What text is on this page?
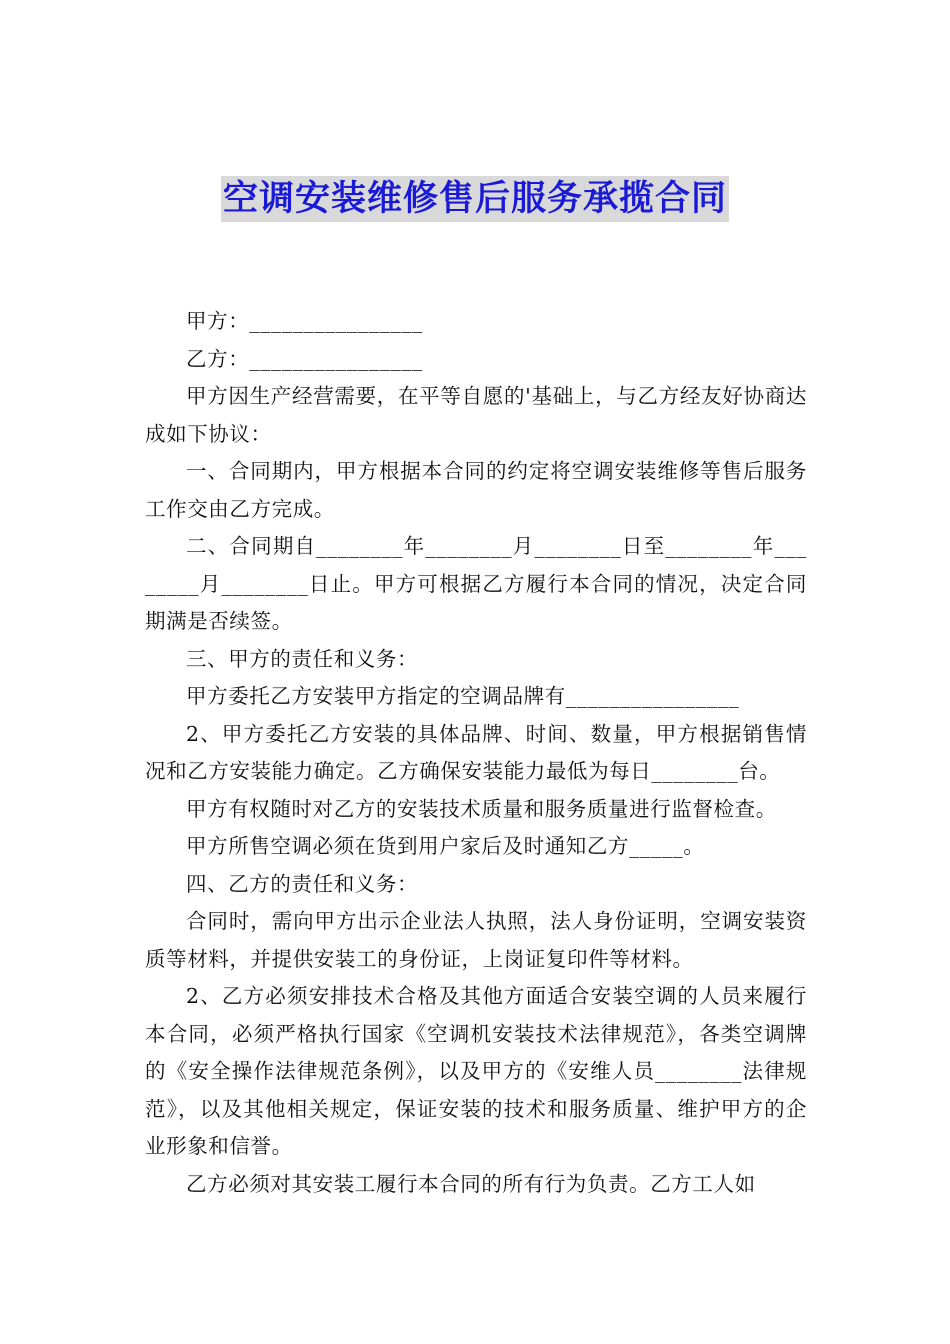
空调安装维修售后服务承揽合同

甲方：________________

乙方：________________

甲方因生产经营需要，在平等自愿的'基础上，与乙方经友好协商达成如下协议：

一、合同期内，甲方根据本合同的约定将空调安装维修等售后服务工作交由乙方完成。

二、合同期自________年________月________日至________年________月________日止。甲方可根据乙方履行本合同的情况，决定合同期满是否续签。

三、甲方的责任和义务：

甲方委托乙方安装甲方指定的空调品牌有________________

2、甲方委托乙方安装的具体品牌、时间、数量，甲方根据销售情况和乙方安装能力确定。乙方确保安装能力最低为每日________台。

甲方有权随时对乙方的安装技术质量和服务质量进行监督检查。

甲方所售空调必须在货到用户家后及时通知乙方_____。

四、乙方的责任和义务：

合同时，需向甲方出示企业法人执照，法人身份证明，空调安装资质等材料，并提供安装工的身份证，上岗证复印件等材料。

2、乙方必须安排技术合格及其他方面适合安装空调的人员来履行本合同，必须严格执行国家《空调机安装技术法律规范》，各类空调牌的《安全操作法律规范条例》，以及甲方的《安维人员________法律规范》，以及其他相关规定，保证安装的技术和服务质量、维护甲方的企业形象和信誉。

乙方必须对其安装工履行本合同的所有行为负责。乙方工人如
